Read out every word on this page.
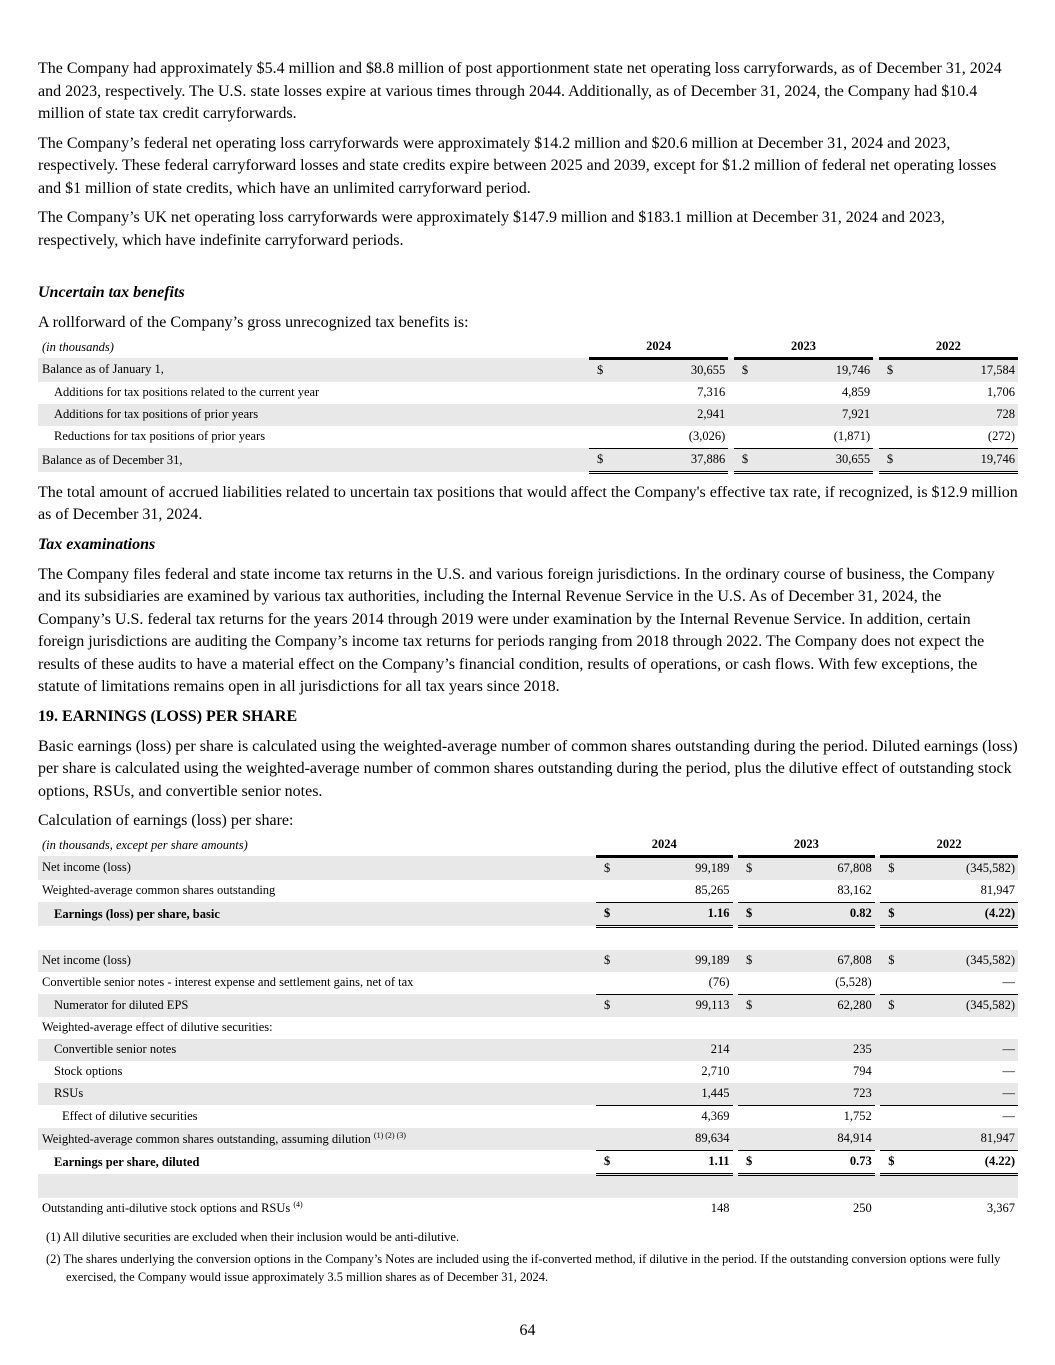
The Company had approximately $5.4 million and $8.8 million of post apportionment state net operating loss carryforwards, as of December 31, 2024 and 2023, respectively. The U.S. state losses expire at various times through 2044. Additionally, as of December 31, 2024, the Company had $10.4 million of state tax credit carryforwards.

The Company’s federal net operating loss carryforwards were approximately $14.2 million and $20.6 million at December 31, 2024 and 2023, respectively. These federal carryforward losses and state credits expire between 2025 and 2039, except for $1.2 million of federal net operating losses and $1 million of state credits, which have an unlimited carryforward period.

The Company’s UK net operating loss carryforwards were approximately $147.9 million and $183.1 million at December 31, 2024 and 2023, respectively, which have indefinite carryforward periods.

Uncertain tax benefits

A rollforward of the Company’s gross unrecognized tax benefits is:

(in thousands)	2024			2023			2022	
Balance as of January 1,	$	30,655		$	19,746		$	17,584
Additions for tax positions related to the current year		7,316			4,859			1,706
Additions for tax positions of prior years		2,941			7,921			728
Reductions for tax positions of prior years		(3,026)			(1,871)			(272)
Balance as of December 31,	$	37,886		$	30,655		$	19,746

The total amount of accrued liabilities related to uncertain tax positions that would affect the Company's effective tax rate, if recognized, is $12.9 million as of December 31, 2024.

Tax examinations

The Company files federal and state income tax returns in the U.S. and various foreign jurisdictions. In the ordinary course of business, the Company and its subsidiaries are examined by various tax authorities, including the Internal Revenue Service in the U.S. As of December 31, 2024, the Company’s U.S. federal tax returns for the years 2014 through 2019 were under examination by the Internal Revenue Service. In addition, certain foreign jurisdictions are auditing the Company’s income tax returns for periods ranging from 2018 through 2022. The Company does not expect the results of these audits to have a material effect on the Company’s financial condition, results of operations, or cash flows. With few exceptions, the statute of limitations remains open in all jurisdictions for all tax years since 2018.

19. EARNINGS (LOSS) PER SHARE

Basic earnings (loss) per share is calculated using the weighted-average number of common shares outstanding during the period. Diluted earnings (loss) per share is calculated using the weighted-average number of common shares outstanding during the period, plus the dilutive effect of outstanding stock options, RSUs, and convertible senior notes.

Calculation of earnings (loss) per share:

(in thousands, except per share amounts)	2024			2023			2022	
Net income (loss)	$	99,189		$	67,808		$	(345,582)
Weighted-average common shares outstanding		85,265			83,162			81,947
Earnings (loss) per share, basic	$	1.16		$	0.82		$	(4.22)

Net income (loss)	$	99,189		$	67,808		$	(345,582)
Convertible senior notes - interest expense and settlement gains, net of tax		(76)			(5,528)			—
Numerator for diluted EPS	$	99,113		$	62,280		$	(345,582)
Weighted-average effect of dilutive securities:								
Convertible senior notes		214			235			—
Stock options		2,710			794			—
RSUs		1,445			723			—
Effect of dilutive securities		4,369			1,752			—
Weighted-average common shares outstanding, assuming dilution $^{(1) (2) (3)}$		89,634			84,914			81,947
Earnings per share, diluted	$	1.11		$	0.73		$	(4.22)

Outstanding anti-dilutive stock options and RSUs $^{(4)}$		148			250			3,367
(1) All dilutive securities are excluded when their inclusion would be anti-dilutive.
(2) The shares underlying the conversion options in the Company’s Notes are included using the if-converted method, if dilutive in the period. If the outstanding conversion options were fully exercised, the Company would issue approximately 3.5 million shares as of December 31, 2024.
64
